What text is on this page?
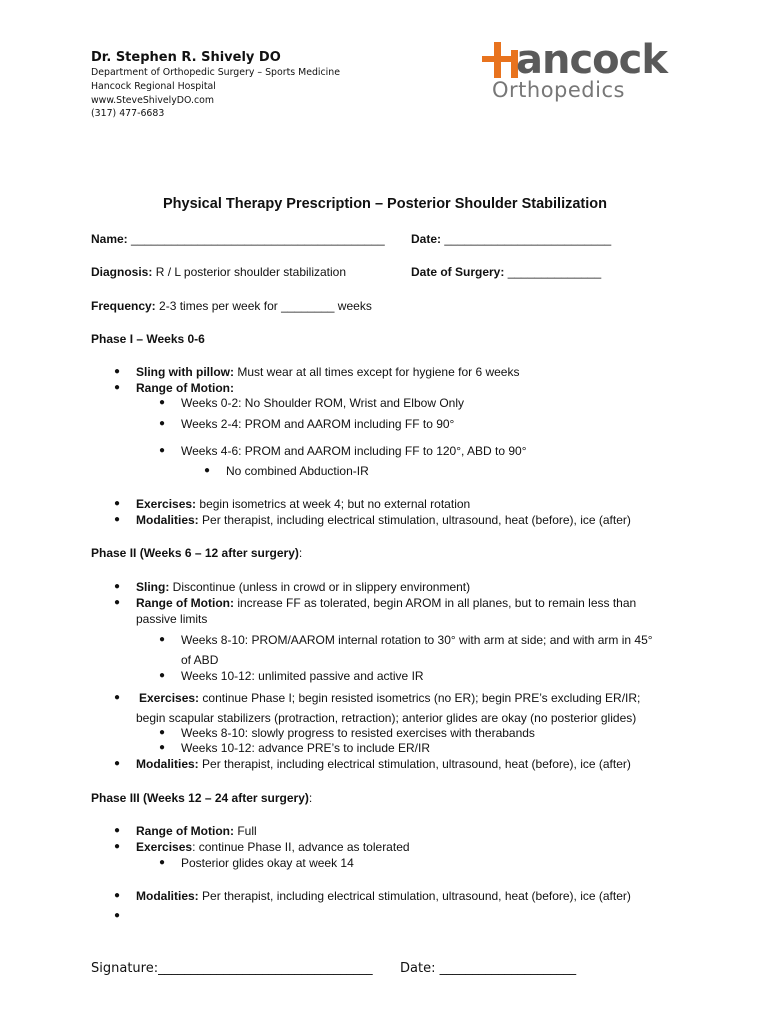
Dr. Stephen R. Shively DO
Department of Orthopedic Surgery – Sports Medicine
Hancock Regional Hospital
www.SteveShivelyDO.com
(317) 477-6683
ancock
Orthopedics
Physical Therapy Prescription – Posterior Shoulder Stabilization
Name: ______________________________________ Date: _________________________
Diagnosis: R / L posterior shoulder stabilization	Date of Surgery: ______________
Frequency: 2-3 times per week for ________ weeks
Phase I – Weeks 0-6
● Sling with pillow: Must wear at all times except for hygiene for 6 weeks
● Range of Motion:
● Weeks 0-2: No Shoulder ROM, Wrist and Elbow Only
● Weeks 2-4: PROM and AAROM including FF to 90°
● Weeks 4-6: PROM and AAROM including FF to 120°, ABD to 90°
● No combined Abduction-IR
● Exercises: begin isometrics at week 4; but no external rotation
● Modalities: Per therapist, including electrical stimulation, ultrasound, heat (before), ice (after)
Phase II (Weeks 6 – 12 after surgery):
● Sling: Discontinue (unless in crowd or in slippery environment)
● Range of Motion: increase FF as tolerated, begin AROM in all planes, but to remain less than
passive limits
● Weeks 8-10: PROM/AAROM internal rotation to 30° with arm at side; and with arm in 45°
of ABD
● Weeks 10-12: unlimited passive and active IR
● Exercises: continue Phase I; begin resisted isometrics (no ER); begin PRE’s excluding ER/IR;
begin scapular stabilizers (protraction, retraction); anterior glides are okay (no posterior glides)
● Weeks 8-10: slowly progress to resisted exercises with therabands
● Weeks 10-12: advance PRE’s to include ER/IR
● Modalities: Per therapist, including electrical stimulation, ultrasound, heat (before), ice (after)
Phase III (Weeks 12 – 24 after surgery):
● Range of Motion: Full
● Exercises: continue Phase II, advance as tolerated
● Posterior glides okay at week 14
● Modalities: Per therapist, including electrical stimulation, ultrasound, heat (before), ice (after)
●
Signature:_________________________________ Date: _____________________
